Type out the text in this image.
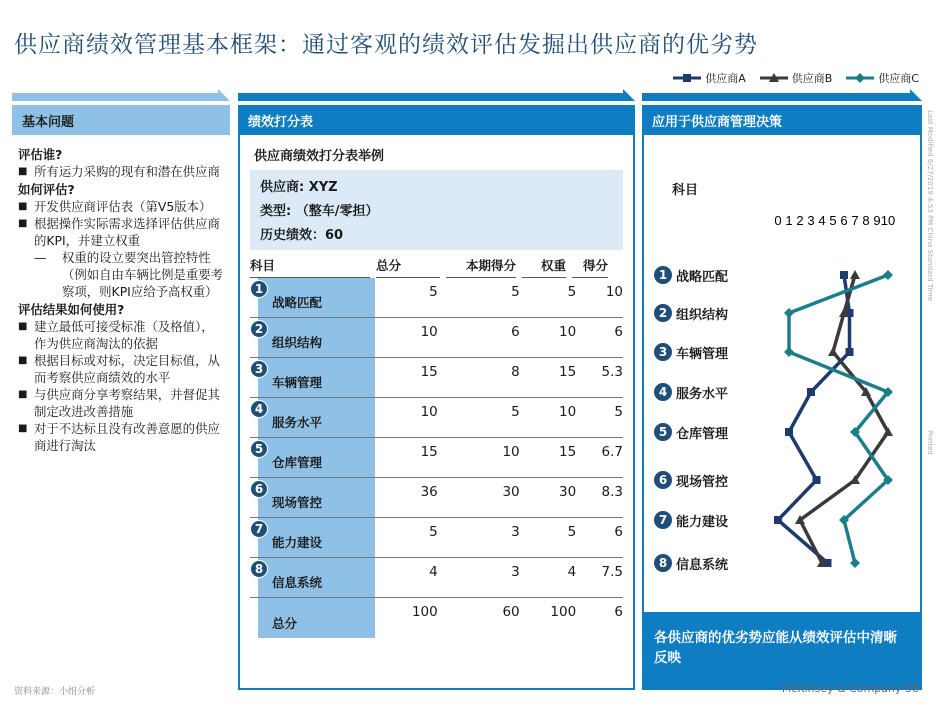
供应商绩效管理基本框架：通过客观的绩效评估发掘出供应商的优劣势
供应商A	供应商B	供应商C
基本问题
评估谁?
■ 所有运力采购的现有和潜在供应商
如何评估?
■ 开发供应商评估表（第V5版本）
■ 根据操作实际需求选择评估供应商的KPI，并建立权重
—	权重的设立要突出管控特性（例如自由车辆比例是重要考察项，则KPI应给予高权重）
评估结果如何使用?
■ 建立最低可接受标准（及格值），作为供应商淘汰的依据
■ 根据目标或对标，决定目标值，从而考察供应商绩效的水平
■ 与供应商分享考察结果，并督促其制定改进改善措施
■ 对于不达标且没有改善意愿的供应商进行淘汰
绩效打分表
供应商绩效打分表举例
供应商: XYZ
类型: （整车/零担）
历史绩效：60
科目	总分	本期得分	权重	得分
1
战略匹配
5	5	5	10
2
组织结构
10	6	10	6
3
车辆管理
15	8	15	5.3
4
服务水平
10	5	10	5
5
仓库管理
15	10	15	6.7
6
现场管控
36	30	30	8.3
7
能力建设
5	3	5	6
8
信息系统
4	3	4	7.5
总分
100	60	100	6
应用于供应商管理决策
科目
0 1 2 3 4 5 6 7 8 9 10
各供应商的优劣势应能从绩效评估中清晰反映
1 战略匹配
2 组织结构
3 车辆管理
4 服务水平
5 仓库管理
6 现场管控
7 能力建设
8 信息系统
Last Modified 6/27/2019 4:53 PM China Standard Time
Printed
资料来源：小组分析	McKinsey & Company 58
